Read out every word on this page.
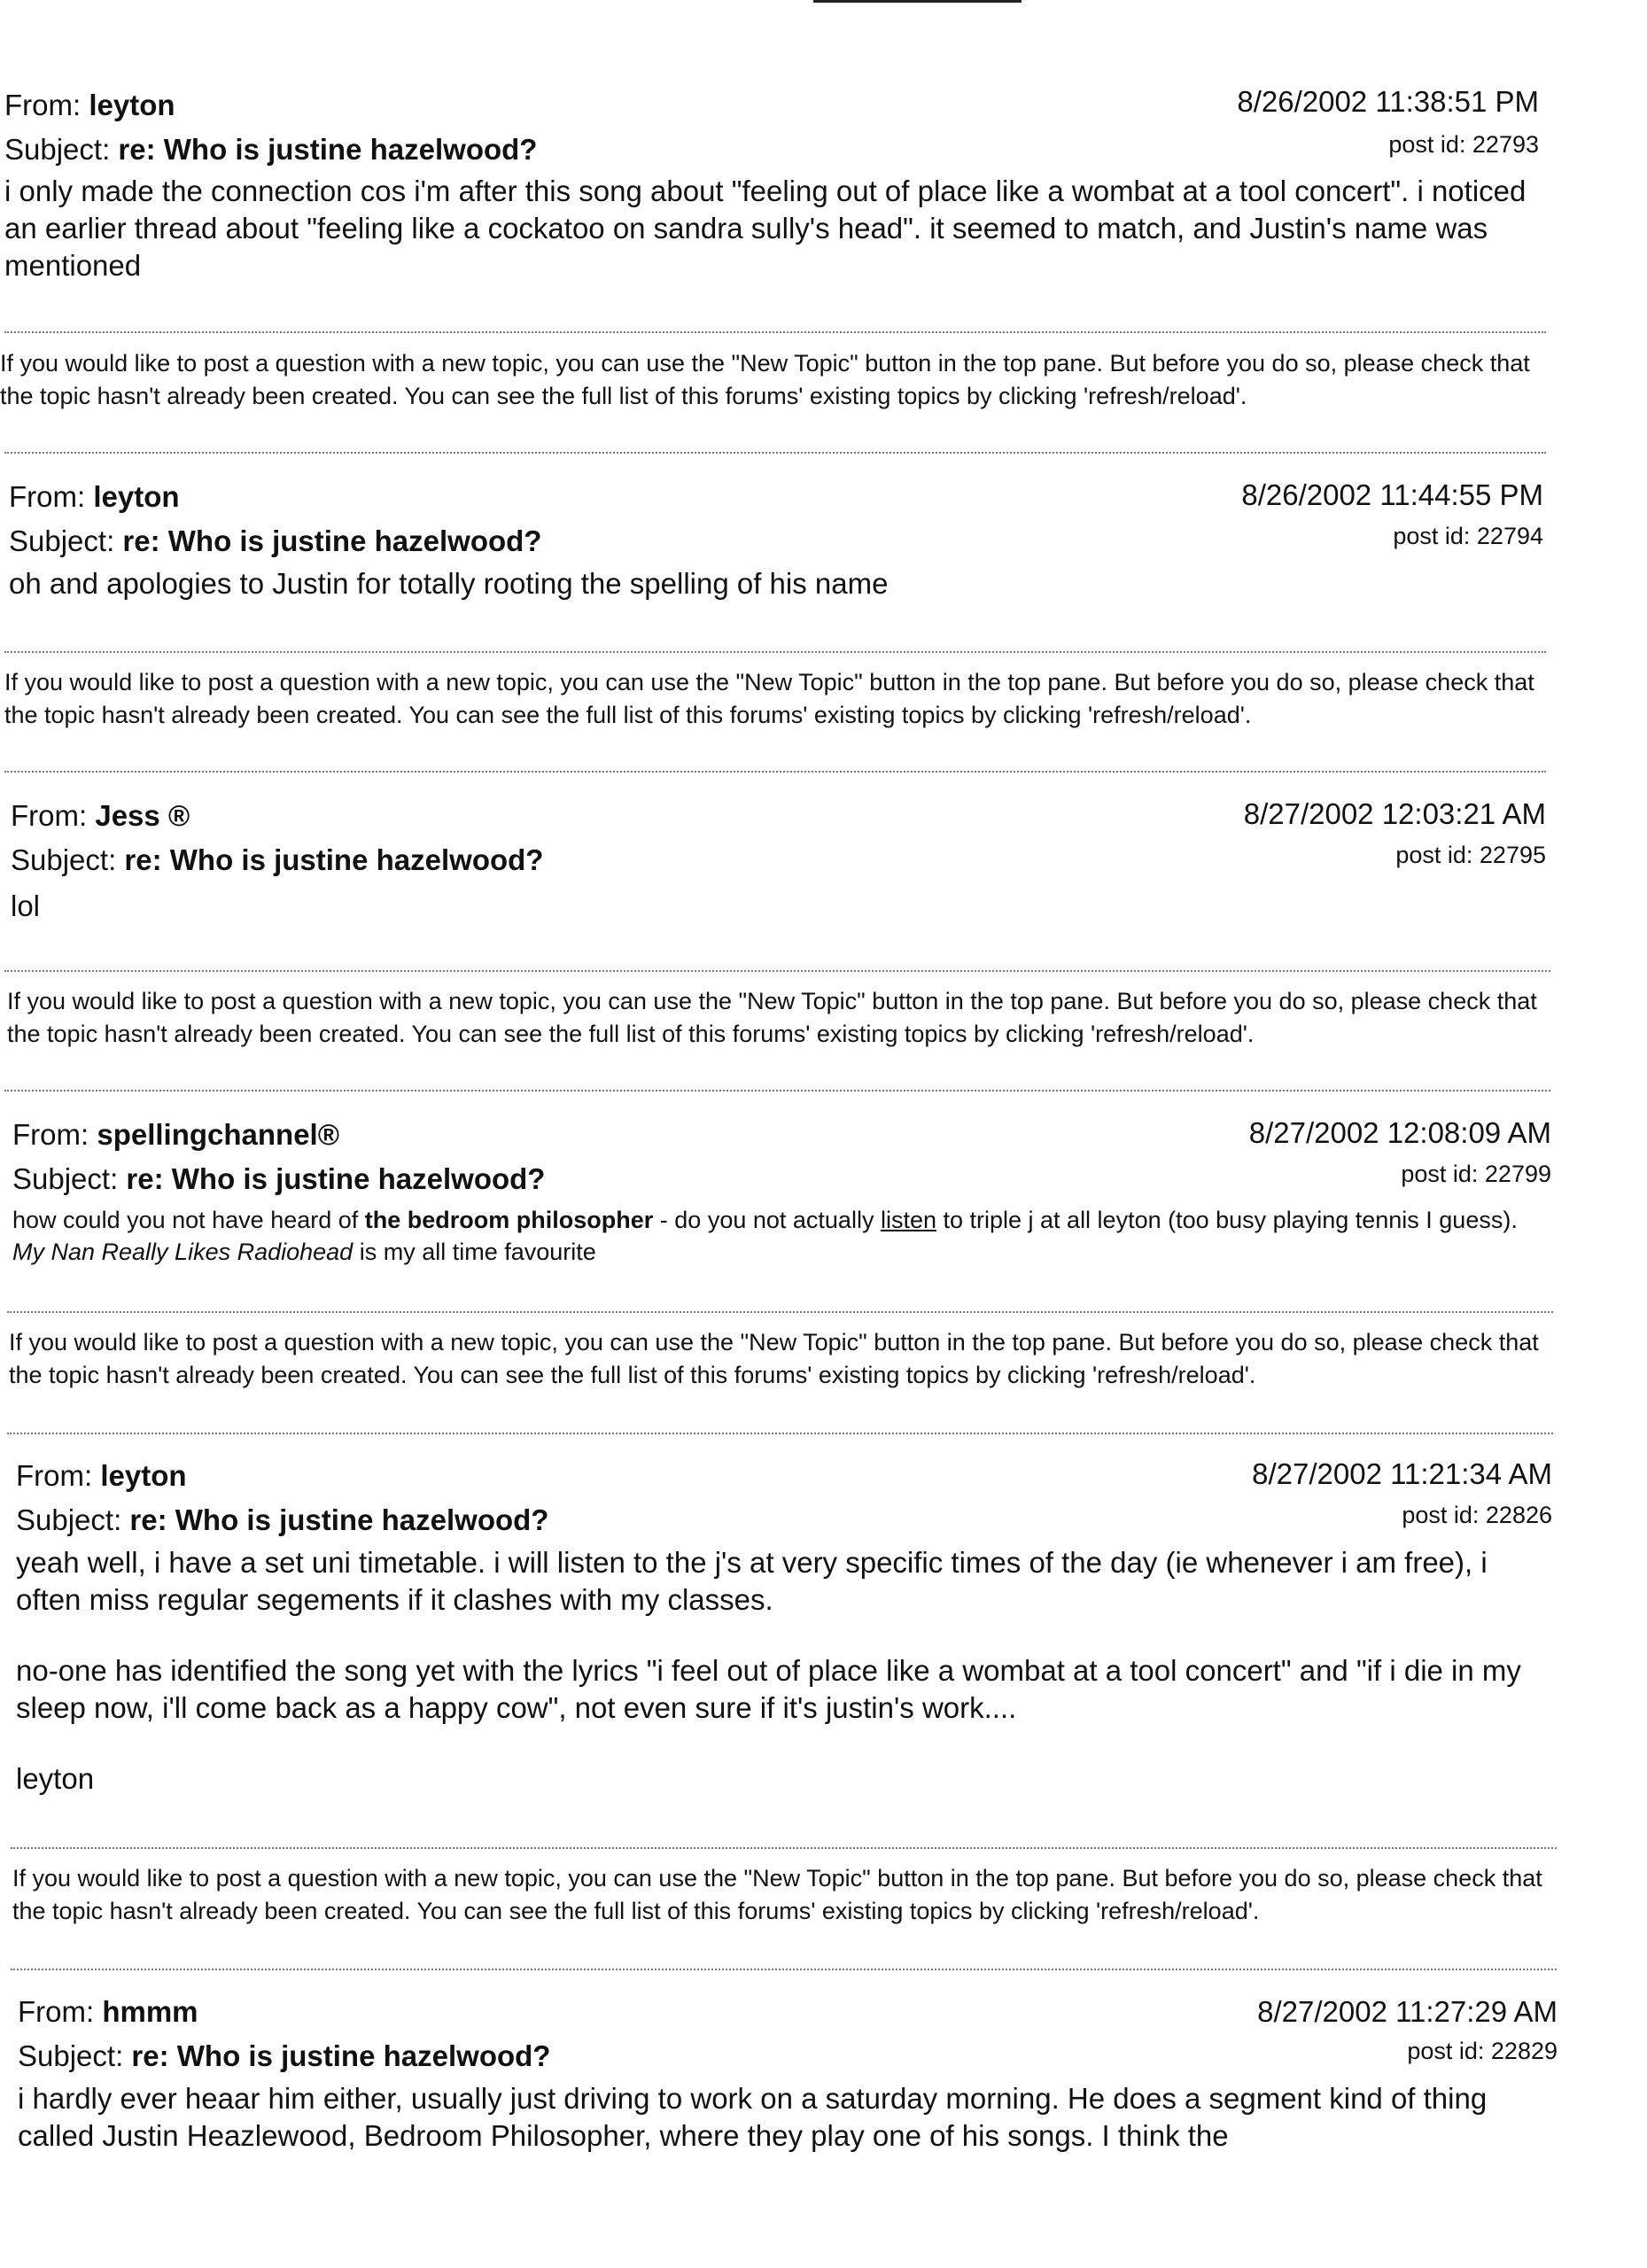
From: leyton	8/26/2002 11:38:51 PM
Subject: re: Who is justine hazelwood?	post id: 22793

i only made the connection cos i'm after this song about "feeling out of place like a wombat at a tool concert". i noticed an earlier thread about "feeling like a cockatoo on sandra sully's head". it seemed to match, and Justin's name was mentioned

If you would like to post a question with a new topic, you can use the "New Topic" button in the top pane. But before you do so, please check that the topic hasn't already been created. You can see the full list of this forums' existing topics by clicking 'refresh/reload'.
From: leyton	8/26/2002 11:44:55 PM
Subject: re: Who is justine hazelwood?	post id: 22794

oh and apologies to Justin for totally rooting the spelling of his name

If you would like to post a question with a new topic, you can use the "New Topic" button in the top pane. But before you do so, please check that the topic hasn't already been created. You can see the full list of this forums' existing topics by clicking 'refresh/reload'.
From: Jess ®	8/27/2002 12:03:21 AM
Subject: re: Who is justine hazelwood?	post id: 22795

lol

If you would like to post a question with a new topic, you can use the "New Topic" button in the top pane. But before you do so, please check that the topic hasn't already been created. You can see the full list of this forums' existing topics by clicking 'refresh/reload'.
From: spellingchannel®	8/27/2002 12:08:09 AM
Subject: re: Who is justine hazelwood?	post id: 22799

how could you not have heard of the bedroom philosopher - do you not actually listen to triple j at all leyton (too busy playing tennis I guess). My Nan Really Likes Radiohead is my all time favourite

If you would like to post a question with a new topic, you can use the "New Topic" button in the top pane. But before you do so, please check that the topic hasn't already been created. You can see the full list of this forums' existing topics by clicking 'refresh/reload'.
From: leyton	8/27/2002 11:21:34 AM
Subject: re: Who is justine hazelwood?	post id: 22826

yeah well, i have a set uni timetable. i will listen to the j's at very specific times of the day (ie whenever i am free), i often miss regular segements if it clashes with my classes.

no-one has identified the song yet with the lyrics "i feel out of place like a wombat at a tool concert" and "if i die in my sleep now, i'll come back as a happy cow", not even sure if it's justin's work....

leyton

If you would like to post a question with a new topic, you can use the "New Topic" button in the top pane. But before you do so, please check that the topic hasn't already been created. You can see the full list of this forums' existing topics by clicking 'refresh/reload'.
From: hmmm	8/27/2002 11:27:29 AM
Subject: re: Who is justine hazelwood?	post id: 22829

i hardly ever heaar him either, usually just driving to work on a saturday morning. He does a segment kind of thing called Justin Heazlewood, Bedroom Philosopher, where they play one of his songs. I think the
